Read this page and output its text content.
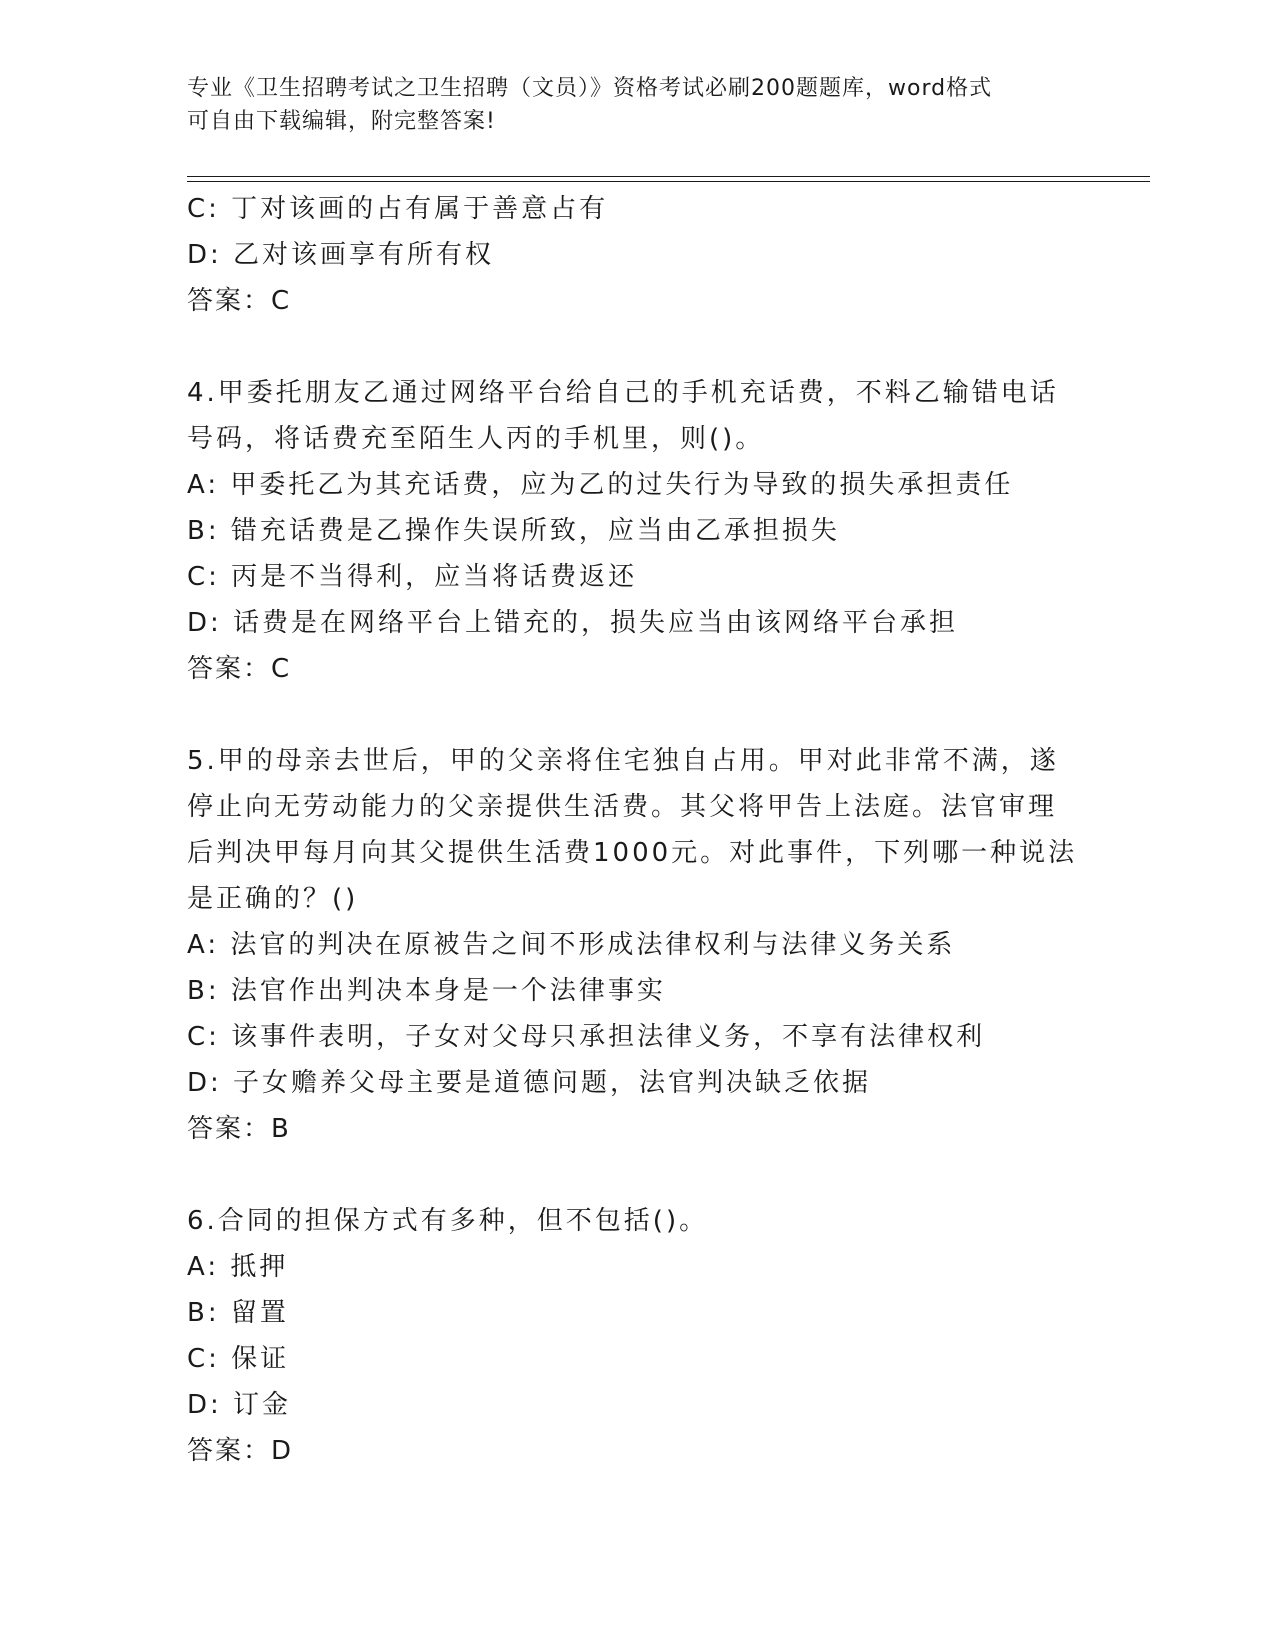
专业《卫生招聘考试之卫生招聘（文员）》资格考试必刷200题题库，word格式
可自由下载编辑，附完整答案!
C: 丁对该画的占有属于善意占有
D: 乙对该画享有所有权
答案：C
4.甲委托朋友乙通过网络平台给自己的手机充话费，不料乙输错电话
号码，将话费充至陌生人丙的手机里，则()。
A: 甲委托乙为其充话费，应为乙的过失行为导致的损失承担责任
B: 错充话费是乙操作失误所致，应当由乙承担损失
C: 丙是不当得利，应当将话费返还
D: 话费是在网络平台上错充的，损失应当由该网络平台承担
答案：C
5.甲的母亲去世后，甲的父亲将住宅独自占用。甲对此非常不满，遂
停止向无劳动能力的父亲提供生活费。其父将甲告上法庭。法官审理
后判决甲每月向其父提供生活费1000元。对此事件，下列哪一种说法
是正确的？()
A: 法官的判决在原被告之间不形成法律权利与法律义务关系
B: 法官作出判决本身是一个法律事实
C: 该事件表明，子女对父母只承担法律义务，不享有法律权利
D: 子女赡养父母主要是道德问题，法官判决缺乏依据
答案：B
6.合同的担保方式有多种，但不包括()。
A: 抵押
B: 留置
C: 保证
D: 订金
答案：D
